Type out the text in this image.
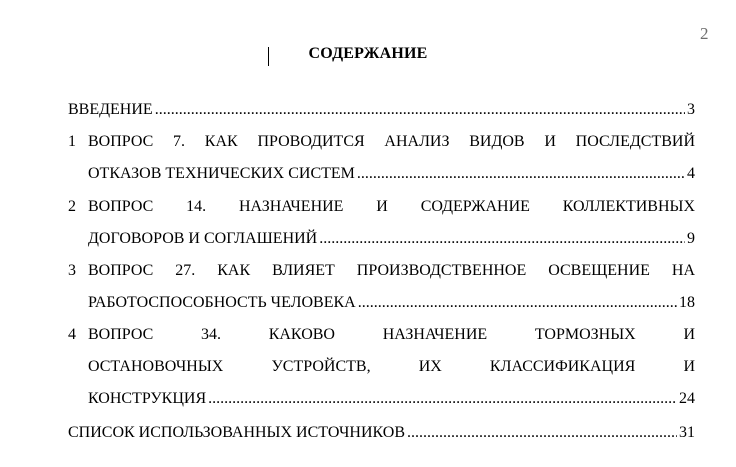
2
СОДЕРЖАНИЕ
ВВЕДЕНИЕ .....	3
1 ВОПРОС 7. КАК ПРОВОДИТСЯ АНАЛИЗ ВИДОВ И ПОСЛЕДСТВИЙ
ОТКАЗОВ ТЕХНИЧЕСКИХ СИСТЕМ .....	4
2 ВОПРОС 14. НАЗНАЧЕНИЕ И СОДЕРЖАНИЕ КОЛЛЕКТИВНЫХ
ДОГОВОРОВ И СОГЛАШЕНИЙ .....	9
3 ВОПРОС 27. КАК ВЛИЯЕТ ПРОИЗВОДСТВЕННОЕ ОСВЕЩЕНИЕ НА
РАБОТОСПОСОБНОСТЬ ЧЕЛОВЕКА .....	18
4 ВОПРОС 34. КАКОВО НАЗНАЧЕНИЕ ТОРМОЗНЫХ И
ОСТАНОВОЧНЫХ УСТРОЙСТВ, ИХ КЛАССИФИКАЦИЯ И
КОНСТРУКЦИЯ .....	24
СПИСОК ИСПОЛЬЗОВАННЫХ ИСТОЧНИКОВ .....	31
